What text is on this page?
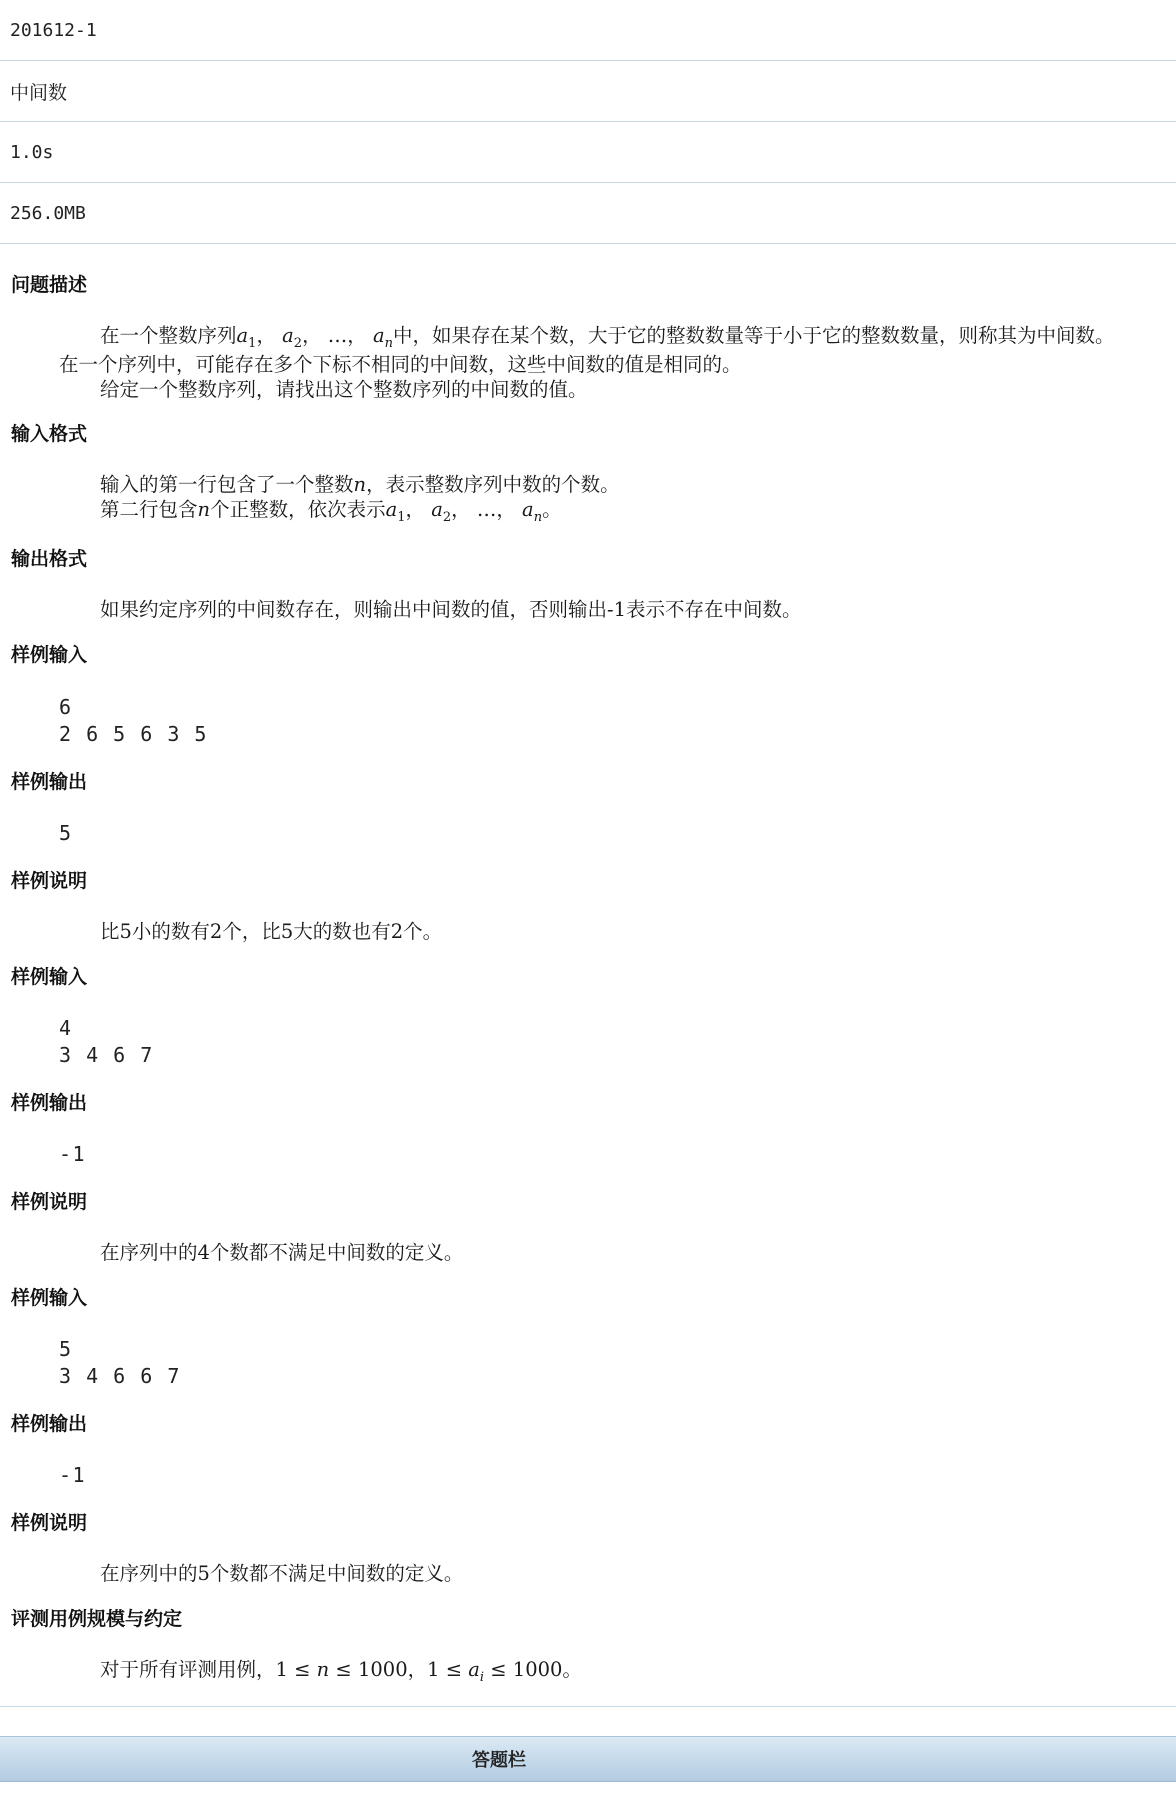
201612-1
中间数
1.0s
256.0MB
问题描述
在一个整数序列$a_1$， $a_2$， …， $a_n$中，如果存在某个数，大于它的整数数量等于小于它的整数数量，则称其为中间数。
在一个序列中，可能存在多个下标不相同的中间数，这些中间数的值是相同的。
给定一个整数序列，请找出这个整数序列的中间数的值。
输入格式
输入的第一行包含了一个整数n，表示整数序列中数的个数。
第二行包含n个正整数，依次表示$a_1$， $a_2$， …， $a_n$。
输出格式
如果约定序列的中间数存在，则输出中间数的值，否则输出-1表示不存在中间数。
样例输入
6
2 6 5 6 3 5
样例输出
5
样例说明
比5小的数有2个，比5大的数也有2个。
样例输入
4
3 4 6 7
样例输出
-1
样例说明
在序列中的4个数都不满足中间数的定义。
样例输入
5
3 4 6 6 7
样例输出
-1
样例说明
在序列中的5个数都不满足中间数的定义。
评测用例规模与约定
对于所有评测用例，1 ≤ n ≤ 1000，$1 \le a_i \le 1000$。
答题栏
